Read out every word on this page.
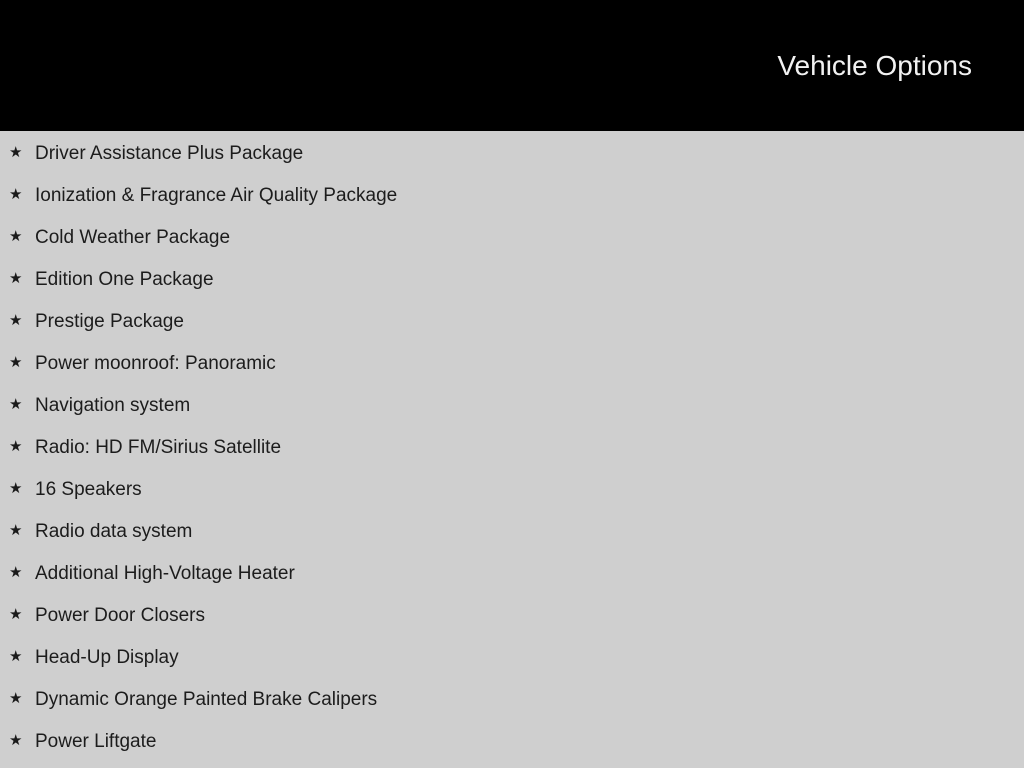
Vehicle Options
★ Driver Assistance Plus Package
★ Ionization & Fragrance Air Quality Package
★ Cold Weather Package
★ Edition One Package
★ Prestige Package
★ Power moonroof: Panoramic
★ Navigation system
★ Radio: HD FM/Sirius Satellite
★ 16 Speakers
★ Radio data system
★ Additional High-Voltage Heater
★ Power Door Closers
★ Head-Up Display
★ Dynamic Orange Painted Brake Calipers
★ Power Liftgate
